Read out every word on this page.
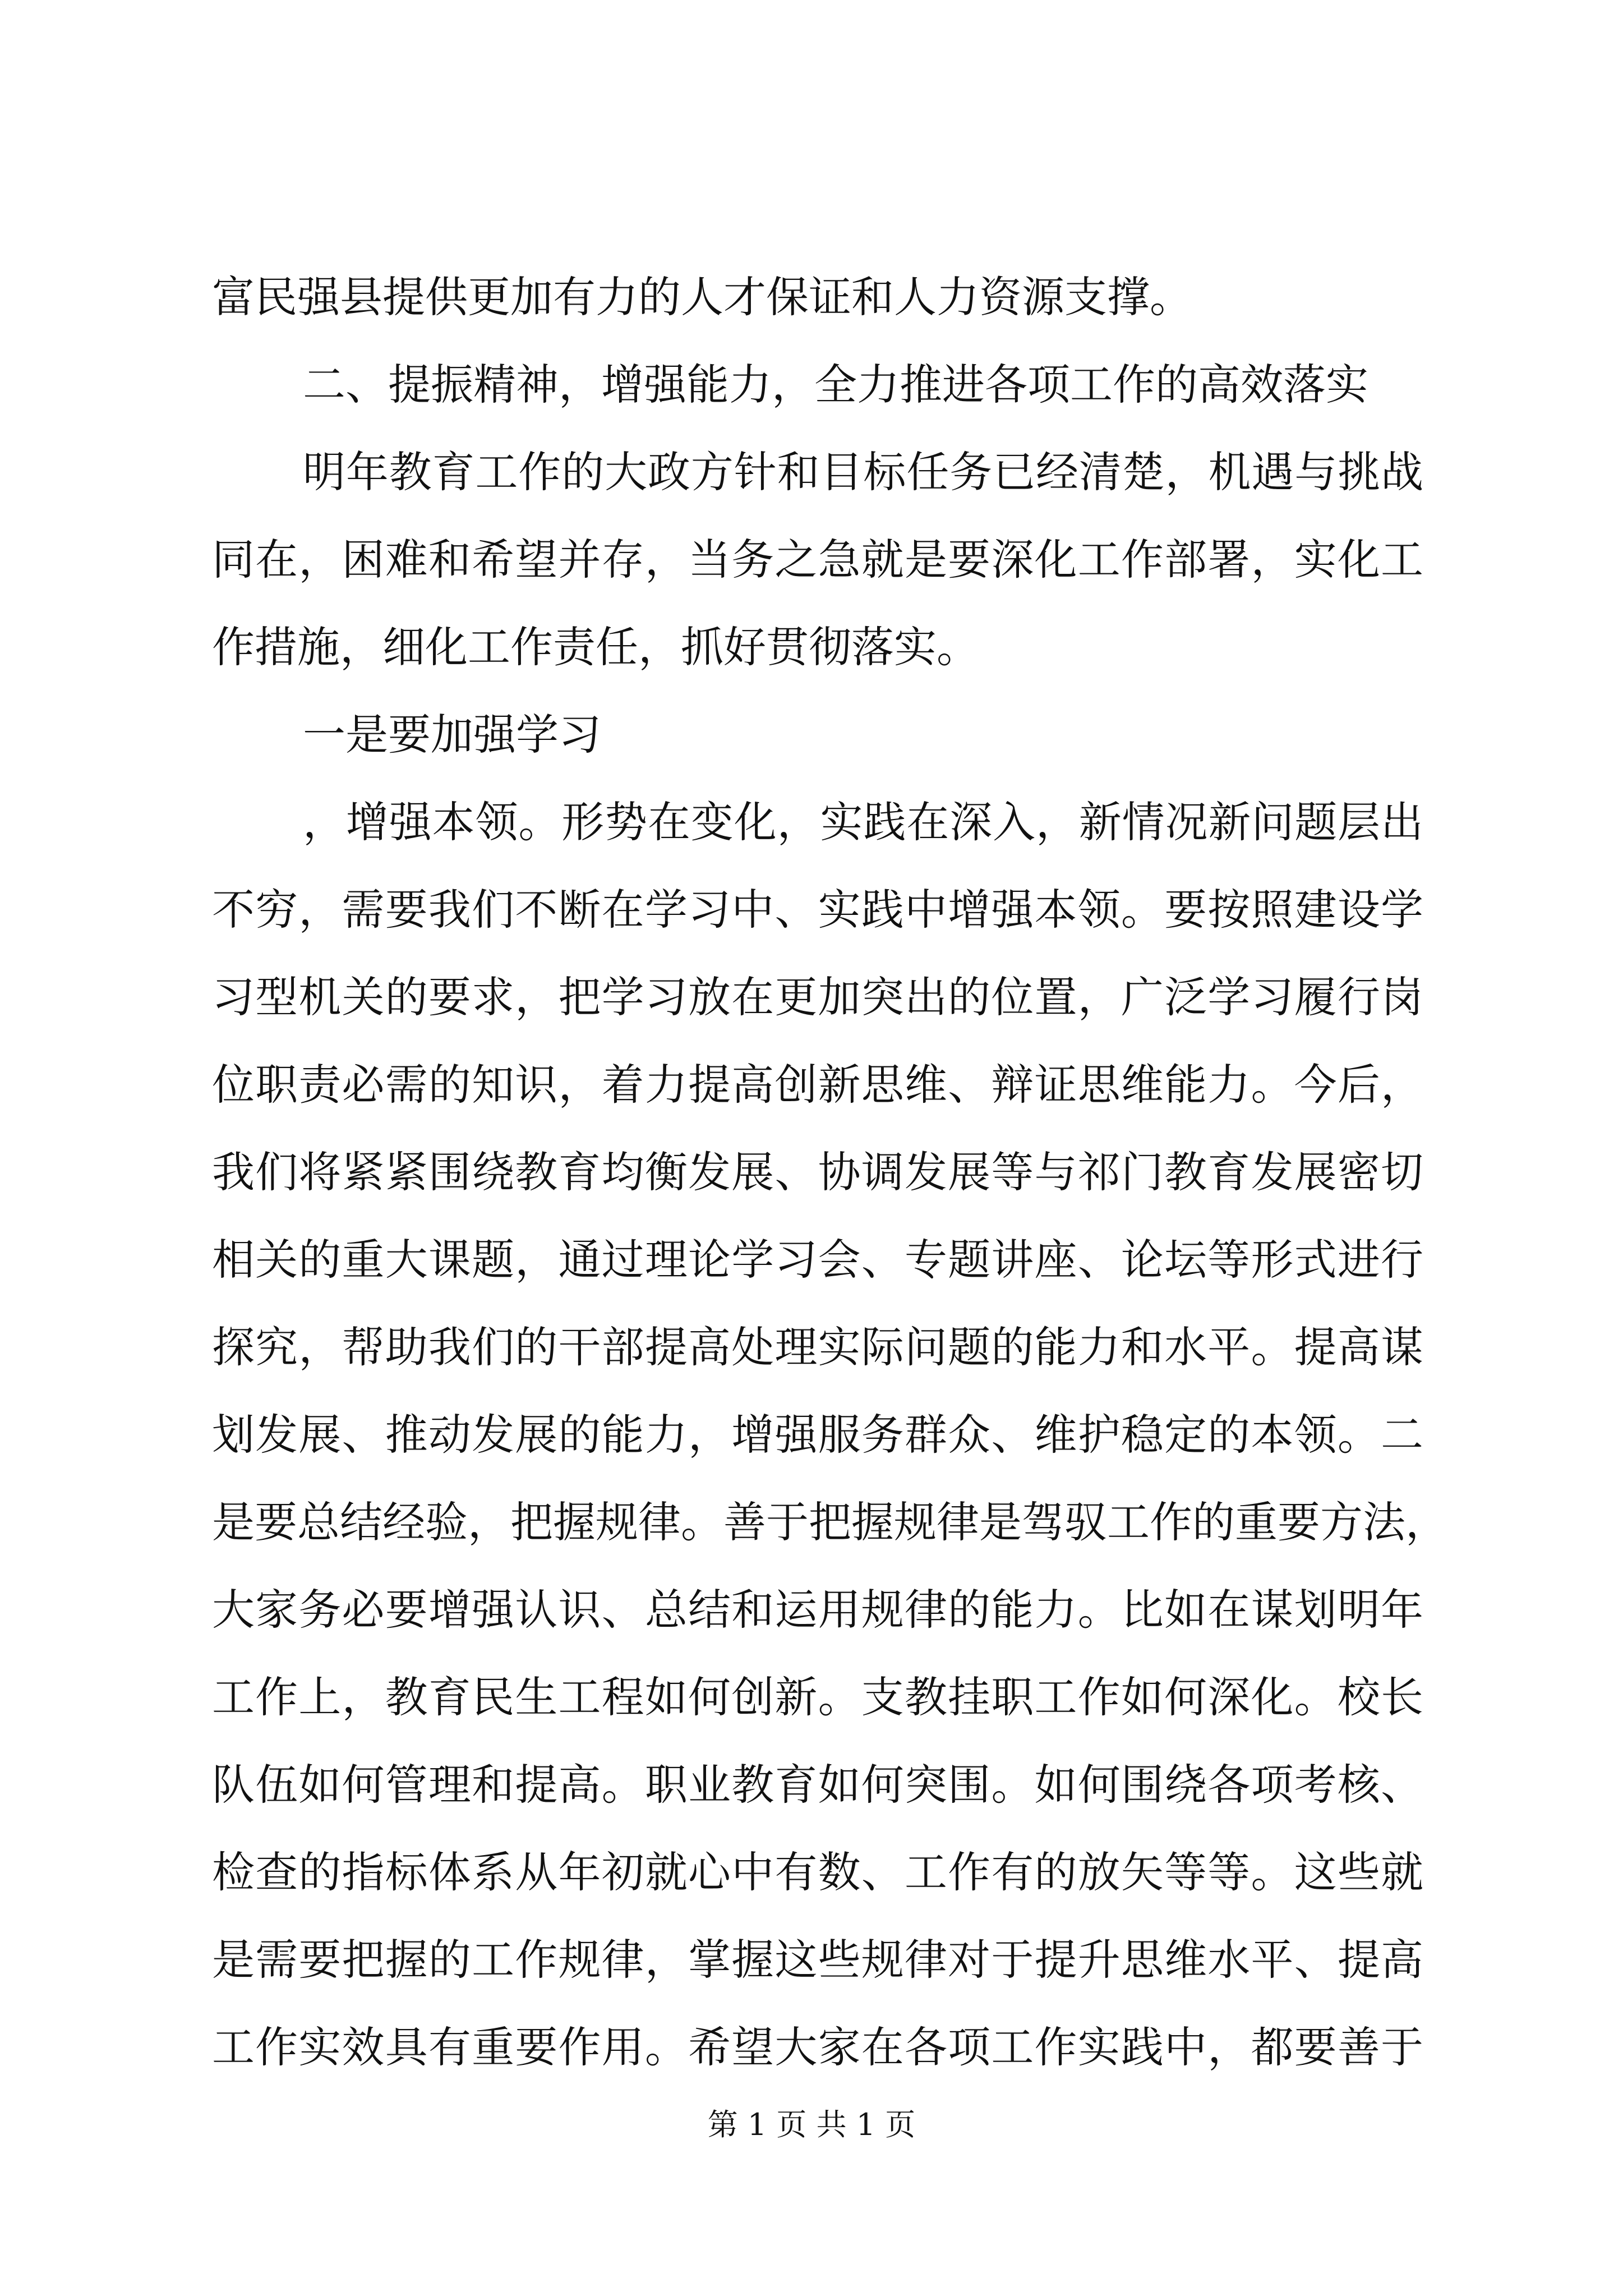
富民强县提供更加有力的人才保证和人力资源支撑。
二、提振精神，增强能力，全力推进各项工作的高效落实
明年教育工作的大政方针和目标任务已经清楚，机遇与挑战
同在，困难和希望并存，当务之急就是要深化工作部署，实化工
作措施，细化工作责任，抓好贯彻落实。
一是要加强学习
，增强本领。形势在变化，实践在深入，新情况新问题层出
不穷，需要我们不断在学习中、实践中增强本领。要按照建设学
习型机关的要求，把学习放在更加突出的位置，广泛学习履行岗
位职责必需的知识，着力提高创新思维、辩证思维能力。今后，
我们将紧紧围绕教育均衡发展、协调发展等与祁门教育发展密切
相关的重大课题，通过理论学习会、专题讲座、论坛等形式进行
探究，帮助我们的干部提高处理实际问题的能力和水平。提高谋
划发展、推动发展的能力，增强服务群众、维护稳定的本领。二
是要总结经验，把握规律。善于把握规律是驾驭工作的重要方法，
大家务必要增强认识、总结和运用规律的能力。比如在谋划明年
工作上，教育民生工程如何创新。支教挂职工作如何深化。校长
队伍如何管理和提高。职业教育如何突围。如何围绕各项考核、
检查的指标体系从年初就心中有数、工作有的放矢等等。这些就
是需要把握的工作规律，掌握这些规律对于提升思维水平、提高
工作实效具有重要作用。希望大家在各项工作实践中，都要善于
第 1 页 共 1 页
